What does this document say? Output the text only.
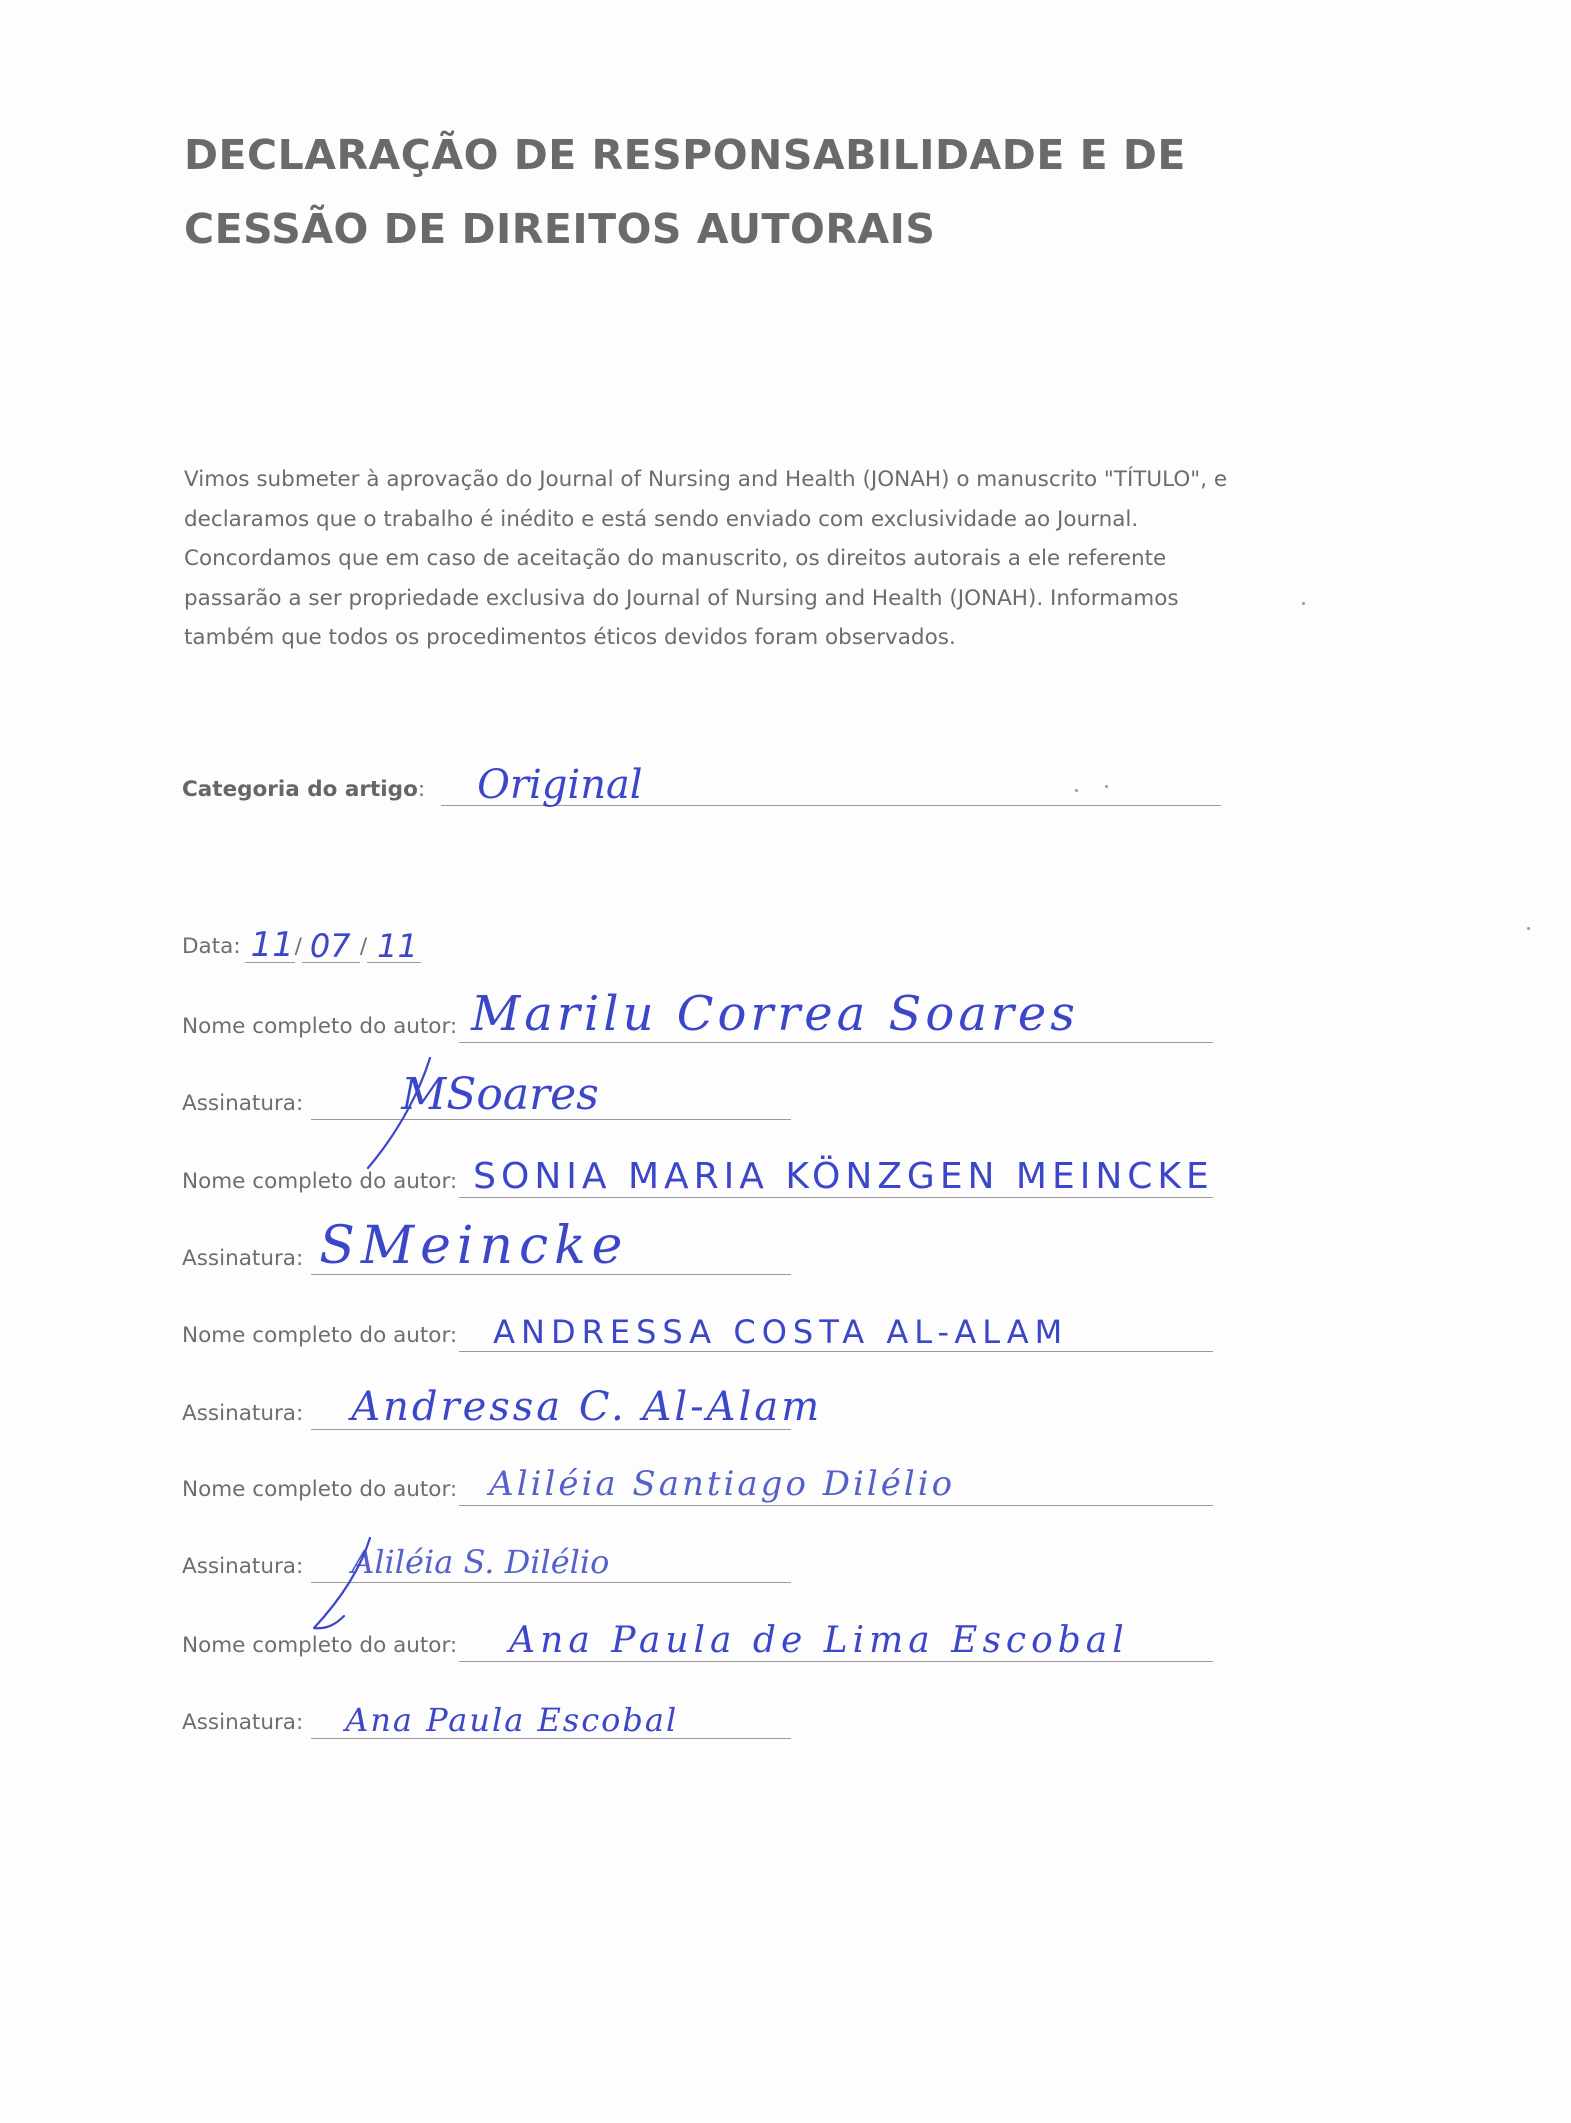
DECLARAÇÃO DE RESPONSABILIDADE E DE
CESSÃO DE DIREITOS AUTORAIS

Vimos submeter à aprovação do Journal of Nursing and Health (JONAH) o manuscrito "TÍTULO", e
declaramos que o trabalho é inédito e está sendo enviado com exclusividade ao Journal.
Concordamos que em caso de aceitação do manuscrito, os direitos autorais a ele referente
passarão a ser propriedade exclusiva do Journal of Nursing and Health (JONAH). Informamos
também que todos os procedimentos éticos devidos foram observados.

Categoria do artigo : Original
Data: 11 / 07 / 11
Nome completo do autor: Marilu Correa Soares
Assinatura: MSoares
Nome completo do autor: SONIA MARIA KÖNZGEN MEINCKE
Assinatura: SMeincke
Nome completo do autor: ANDRESSA COSTA AL-ALAM
Assinatura: Andressa C. Al-Alam
Nome completo do autor: Aliléia Santiago Dilélio
Assinatura: Aliléia S. Dilélio
Nome completo do autor: Ana Paula de Lima Escobal
Assinatura: Ana Paula Escobal
